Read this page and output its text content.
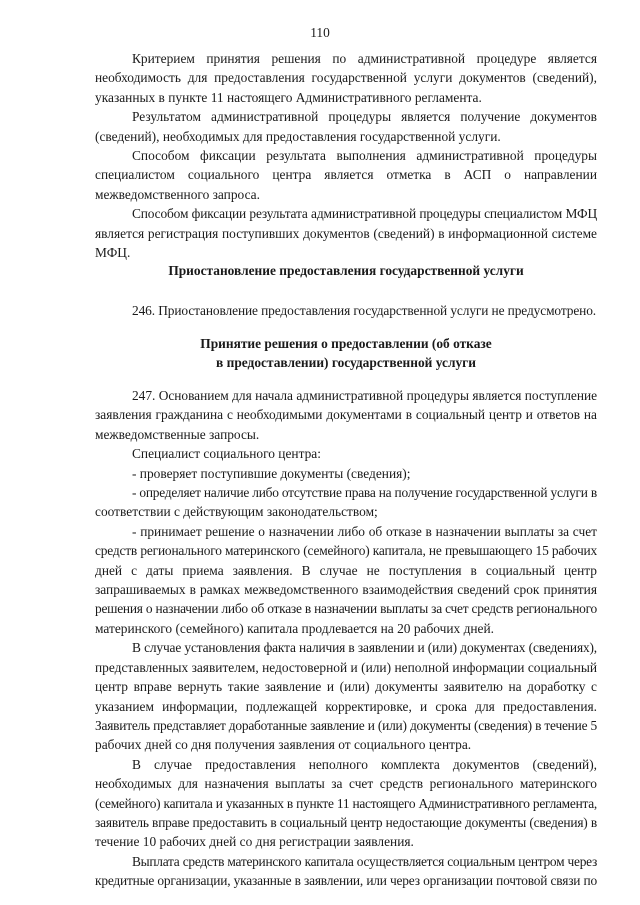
110
Критерием принятия решения по административной процедуре является
необходимость для предоставления государственной услуги документов (сведений),
указанных в пункте 11 настоящего Административного регламента.
Результатом административной процедуры является получение документов
(сведений), необходимых для предоставления государственной услуги.
Способом фиксации результата выполнения административной процедуры
специалистом социального центра является отметка в АСП о направлении
межведомственного запроса.
Способом фиксации результата административной процедуры специалистом МФЦ
является регистрация поступивших документов (сведений) в информационной системе
МФЦ.
Приостановление предоставления государственной услуги
246. Приостановление предоставления государственной услуги не предусмотрено.
Принятие решения о предоставлении (об отказе
в предоставлении) государственной услуги
247. Основанием для начала административной процедуры является поступление
заявления гражданина с необходимыми документами в социальный центр и ответов на
межведомственные запросы.
Специалист социального центра:
- проверяет поступившие документы (сведения);
- определяет наличие либо отсутствие права на получение государственной услуги в
соответствии с действующим законодательством;
- принимает решение о назначении либо об отказе в назначении выплаты за счет
средств регионального материнского (семейного) капитала, не превышающего 15 рабочих
дней с даты приема заявления. В случае не поступления в социальный центр
запрашиваемых в рамках межведомственного взаимодействия сведений срок принятия
решения о назначении либо об отказе в назначении выплаты за счет средств регионального
материнского (семейного) капитала продлевается на 20 рабочих дней.
В случае установления факта наличия в заявлении и (или) документах (сведениях),
представленных заявителем, недостоверной и (или) неполной информации социальный
центр вправе вернуть такие заявление и (или) документы заявителю на доработку с
указанием информации, подлежащей корректировке, и срока для предоставления.
Заявитель представляет доработанные заявление и (или) документы (сведения) в течение 5
рабочих дней со дня получения заявления от социального центра.
В случае предоставления неполного комплекта документов (сведений),
необходимых для назначения выплаты за счет средств регионального материнского
(семейного) капитала и указанных в пункте 11 настоящего Административного регламента,
заявитель вправе предоставить в социальный центр недостающие документы (сведения) в
течение 10 рабочих дней со дня регистрации заявления.
Выплата средств материнского капитала осуществляется социальным центром через
кредитные организации, указанные в заявлении, или через организации почтовой связи по
